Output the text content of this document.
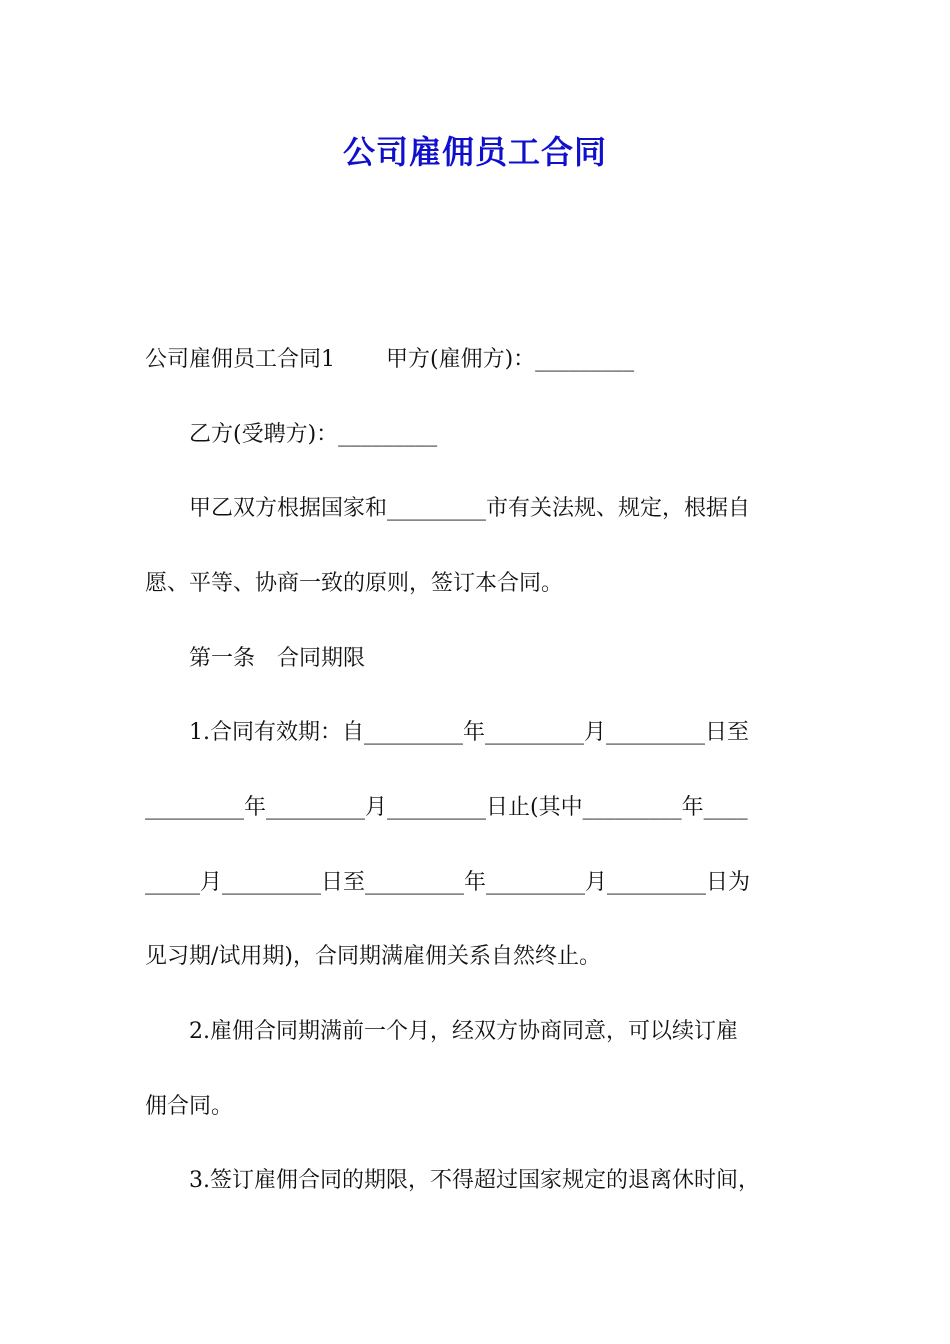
公司雇佣员工合同
公司雇佣员工合同1　　 甲方(雇佣方)：_________
　　乙方(受聘方)：_________
　　甲乙双方根据国家和_________市有关法规、规定，根据自
愿、平等、协商一致的原则，签订本合同。
　　第一条　合同期限
　　1.合同有效期：自_________年_________月_________日至
_________年_________月_________日止(其中_________年____
_____月_________日至_________年_________月_________日为
见习期/试用期)，合同期满雇佣关系自然终止。
　　2.雇佣合同期满前一个月，经双方协商同意，可以续订雇
佣合同。
　　3.签订雇佣合同的期限，不得超过国家规定的退离休时间，
